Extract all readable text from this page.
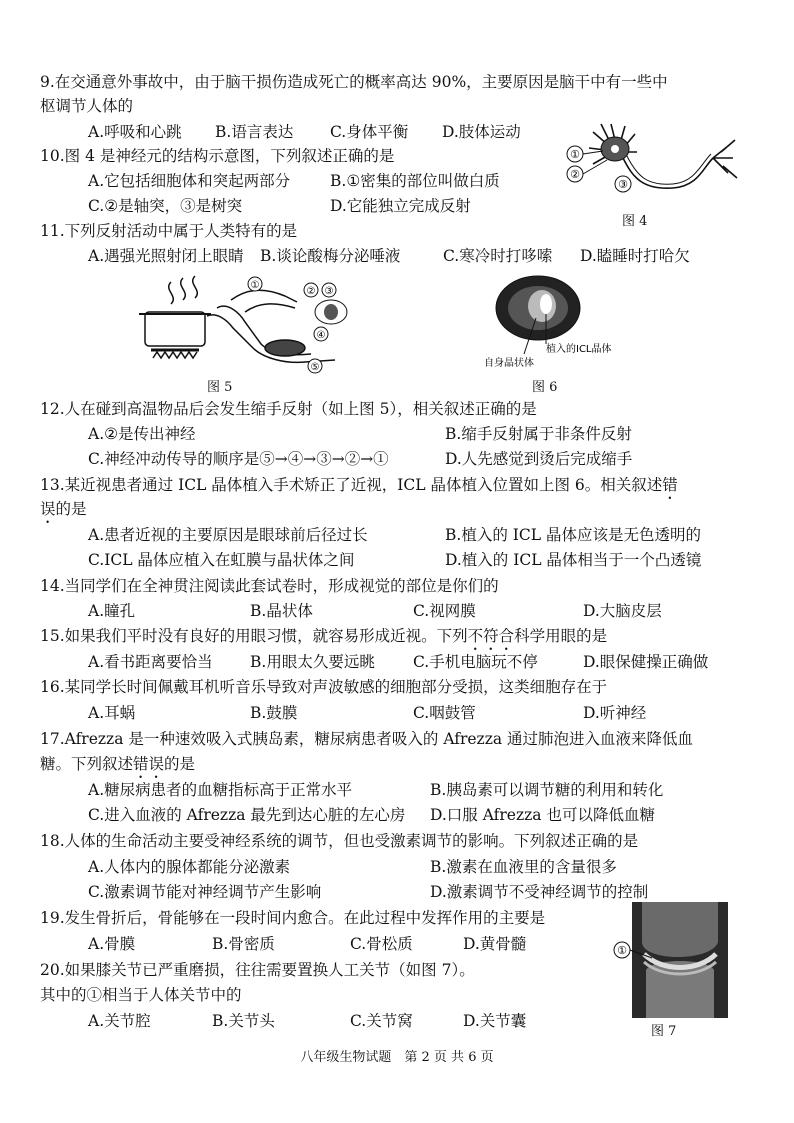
9.在交通意外事故中，由于脑干损伤造成死亡的概率高达 90%，主要原因是脑干中有一些中
枢调节人体的
A.呼吸和心跳 B.语言表达 C.身体平衡 D.肢体运动
10.图 4 是神经元的结构示意图，下列叙述正确的是
A.它包括细胞体和突起两部分	B.①密集的部位叫做白质
C.②是轴突，③是树突	D.它能独立完成反射
①
②
③
图 4
11.下列反射活动中属于人类特有的是
A.遇强光照射闭上眼睛 B.谈论酸梅分泌唾液	C.寒冷时打哆嗦 D.瞌睡时打哈欠
①
② ③
④
⑤
图 5
植入的ICL晶体
自身晶状体
图 6
12.人在碰到高温物品后会发生缩手反射（如上图 5），相关叙述正确的是
A.②是传出神经	B.缩手反射属于非条件反射
C.神经冲动传导的顺序是⑤→④→③→②→①	D.人先感觉到烫后完成缩手
13.某近视患者通过 ICL 晶体植入手术矫正了近视，ICL 晶体植入位置如上图 6。相关叙述错
误的是
A.患者近视的主要原因是眼球前后径过长	B.植入的 ICL 晶体应该是无色透明的
C.ICL 晶体应植入在虹膜与晶状体之间	D.植入的 ICL 晶体相当于一个凸透镜
14.当同学们在全神贯注阅读此套试卷时，形成视觉的部位是你们的
A.瞳孔	B.晶状体	C.视网膜	D.大脑皮层
15.如果我们平时没有良好的用眼习惯，就容易形成近视。下列不符合科学用眼的是
A.看书距离要恰当 B.用眼太久要远眺 C.手机电脑玩不停	D.眼保健操正确做
16.某同学长时间佩戴耳机听音乐导致对声波敏感的细胞部分受损，这类细胞存在于
A.耳蜗	B.鼓膜	C.咽鼓管	D.听神经
17.Afrezza 是一种速效吸入式胰岛素，糖尿病患者吸入的 Afrezza 通过肺泡进入血液来降低血
糖。下列叙述错误的是
A.糖尿病患者的血糖指标高于正常水平	B.胰岛素可以调节糖的利用和转化
C.进入血液的 Afrezza 最先到达心脏的左心房 D.口服 Afrezza 也可以降低血糖
18.人体的生命活动主要受神经系统的调节，但也受激素调节的影响。下列叙述正确的是
A.人体内的腺体都能分泌激素	B.激素在血液里的含量很多
C.激素调节能对神经调节产生影响	D.激素调节不受神经调节的控制
19.发生骨折后，骨能够在一段时间内愈合。在此过程中发挥作用的主要是
A.骨膜	B.骨密质	C.骨松质	D.黄骨髓
20.如果膝关节已严重磨损，往往需要置换人工关节（如图 7）。
其中的①相当于人体关节中的
A.关节腔	B.关节头	C.关节窝	D.关节囊
①
图 7
八年级生物试题　第 2 页 共 6 页
